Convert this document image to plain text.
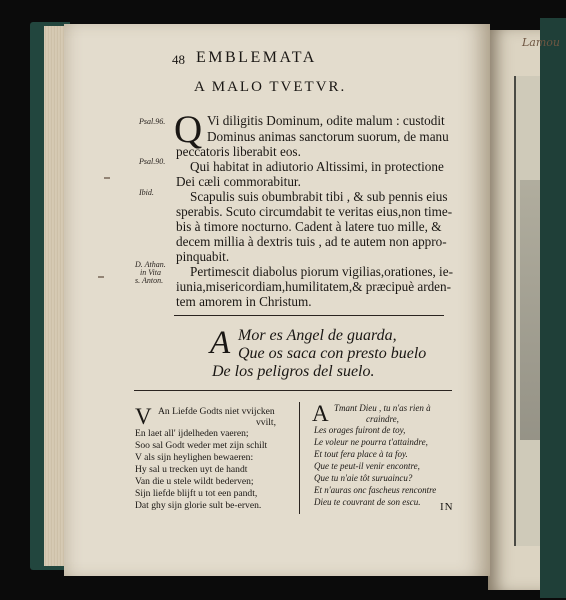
Lamou
48 EMBLEMATA
A MALO TVETVR.
Psal.96.
Psal.90.
Ibid.
D. Athan.
in Vita
s. Anton.
Q Vi diligitis Dominum, odite malum : custodit
Dominus animas sanctorum suorum, de manu
peccatoris liberabit eos.
Qui habitat in adiutorio Altissimi, in protectione
Dei cæli commorabitur.
Scapulis suis obumbrabit tibi , & sub pennis eius
sperabis. Scuto circumdabit te veritas eius,non time-
bis à timore nocturno. Cadent à latere tuo mille, &
decem millia à dextris tuis , ad te autem non appro-
pinquabit.
Pertimescit diabolus piorum vigilias,orationes, ie-
iunia,misericordiam,humilitatem,& præcipuè arden-
tem amorem in Christum.
A Mor es Angel de guarda,
Que os saca con presto buelo
De los peligros del suelo.
V An Liefde Godts niet vvijcken
vvilt,
En laet all' ijdelheden vaeren;
Soo sal Godt weder met zijn schilt
V als sijn heylighen bewaeren:
Hy sal u trecken uyt de handt
Van die u stele wildt bederven;
Sijn liefde blijft u tot een pandt,
Dat ghy sijn glorie sult be-erven.
A Tmant Dieu , tu n'as rien à
craindre,
Les orages fuiront de toy,
Le voleur ne pourra t'attaindre,
Et tout fera place à ta foy.
Que te peut-il venir encontre,
Que tu n'aie tôt suruaincu?
Et n'auras onc fascheus rencontre
Dieu te couvrant de son escu. IN
